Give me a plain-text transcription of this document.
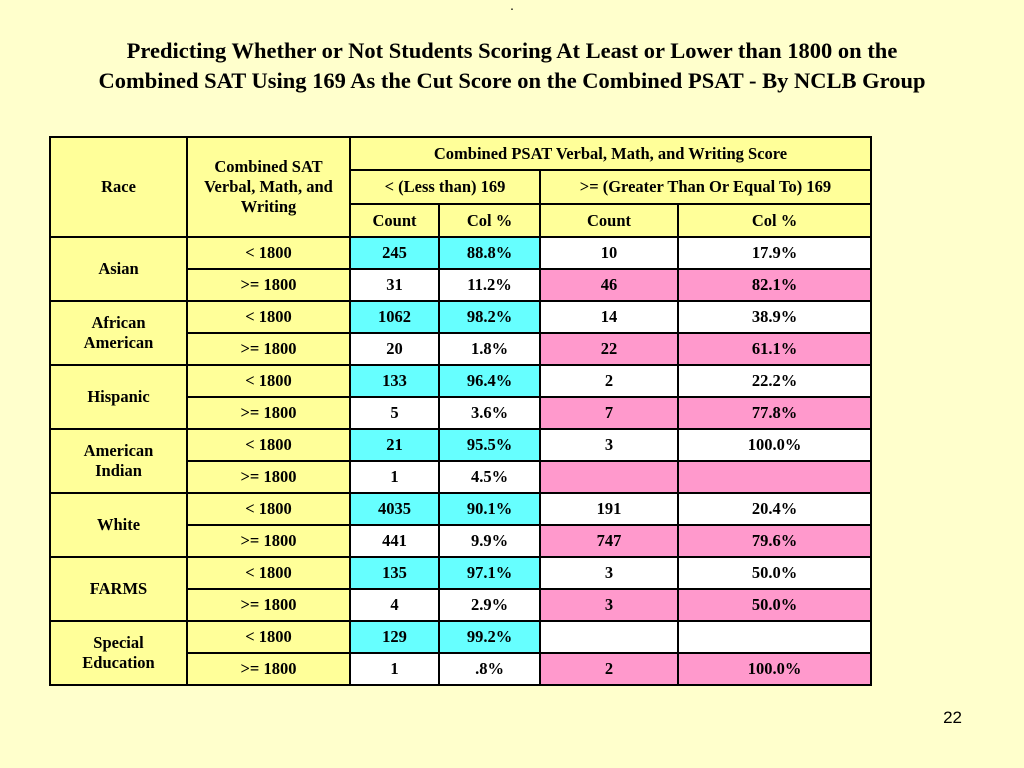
.
Predicting Whether or Not Students Scoring At Least or Lower than 1800 on the
Combined SAT Using 169 As the Cut Score on the Combined PSAT - By NCLB Group
Race	Combined SAT Verbal, Math, and Writing	Combined PSAT Verbal, Math, and Writing Score			
		< (Less than) 169		>= (Greater Than Or Equal To) 169	
		Count	Col %	Count	Col %
Asian	< 1800	245	88.8%	10	17.9%
	>= 1800	31	11.2%	46	82.1%
African American	< 1800	1062	98.2%	14	38.9%
	>= 1800	20	1.8%	22	61.1%
Hispanic	< 1800	133	96.4%	2	22.2%
	>= 1800	5	3.6%	7	77.8%
American Indian	< 1800	21	95.5%	3	100.0%
	>= 1800	1	4.5%		
White	< 1800	4035	90.1%	191	20.4%
	>= 1800	441	9.9%	747	79.6%
FARMS	< 1800	135	97.1%	3	50.0%
	>= 1800	4	2.9%	3	50.0%
Special Education	< 1800	129	99.2%		
	>= 1800	1	.8%	2	100.0%
22
